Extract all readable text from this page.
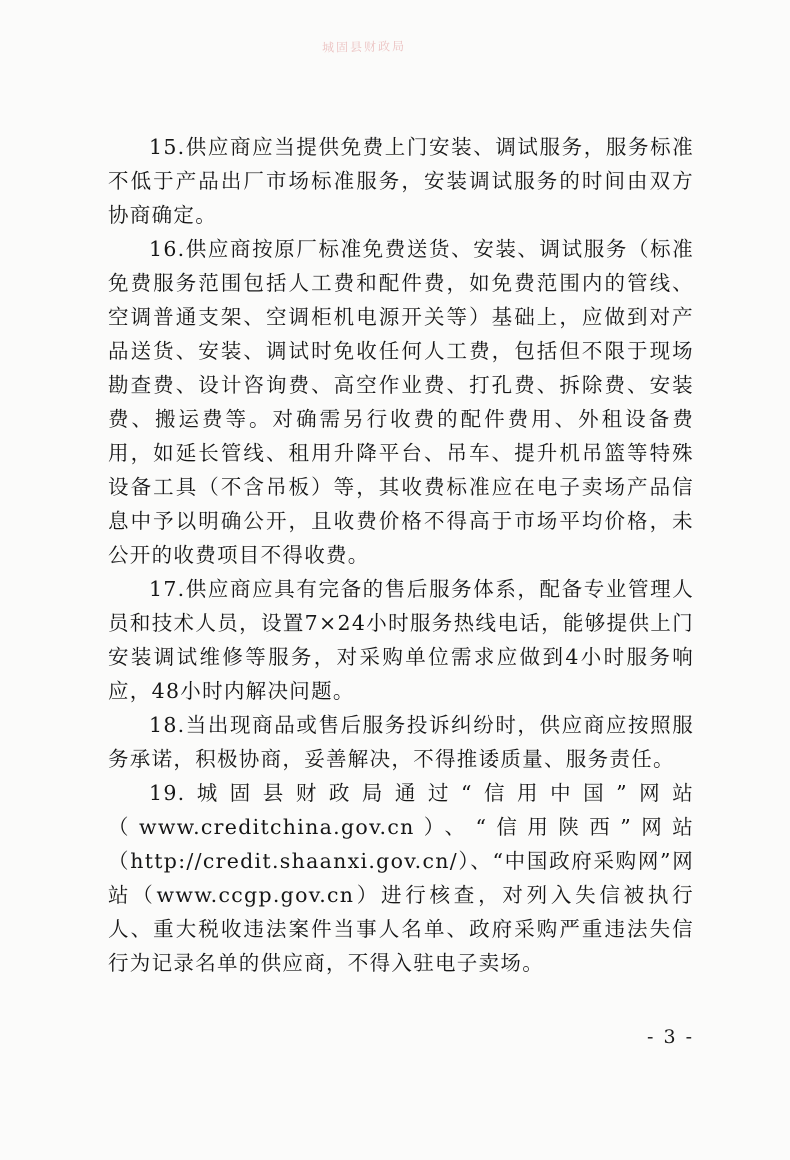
城固县财政局

15.供应商应当提供免费上门安装、调试服务，服务标准不低于产品出厂市场标准服务，安装调试服务的时间由双方协商确定。

16.供应商按原厂标准免费送货、安装、调试服务（标准免费服务范围包括人工费和配件费，如免费范围内的管线、空调普通支架、空调柜机电源开关等）基础上，应做到对产品送货、安装、调试时免收任何人工费，包括但不限于现场勘查费、设计咨询费、高空作业费、打孔费、拆除费、安装费、搬运费等。对确需另行收费的配件费用、外租设备费用，如延长管线、租用升降平台、吊车、提升机吊篮等特殊设备工具（不含吊板）等，其收费标准应在电子卖场产品信息中予以明确公开，且收费价格不得高于市场平均价格，未公开的收费项目不得收费。

17.供应商应具有完备的售后服务体系，配备专业管理人员和技术人员，设置7×24小时服务热线电话，能够提供上门安装调试维修等服务，对采购单位需求应做到4小时服务响应，48小时内解决问题。

18.当出现商品或售后服务投诉纠纷时，供应商应按照服务承诺，积极协商，妥善解决，不得推诿质量、服务责任。

19.城固县财政局通过“信用中国”网站（www.creditchina.gov.cn）、“信用陕西”网站（http://credit.shaanxi.gov.cn/）、“中国政府采购网”网站（www.ccgp.gov.cn）进行核查，对列入失信被执行人、重大税收违法案件当事人名单、政府采购严重违法失信行为记录名单的供应商，不得入驻电子卖场。

- 3 -
